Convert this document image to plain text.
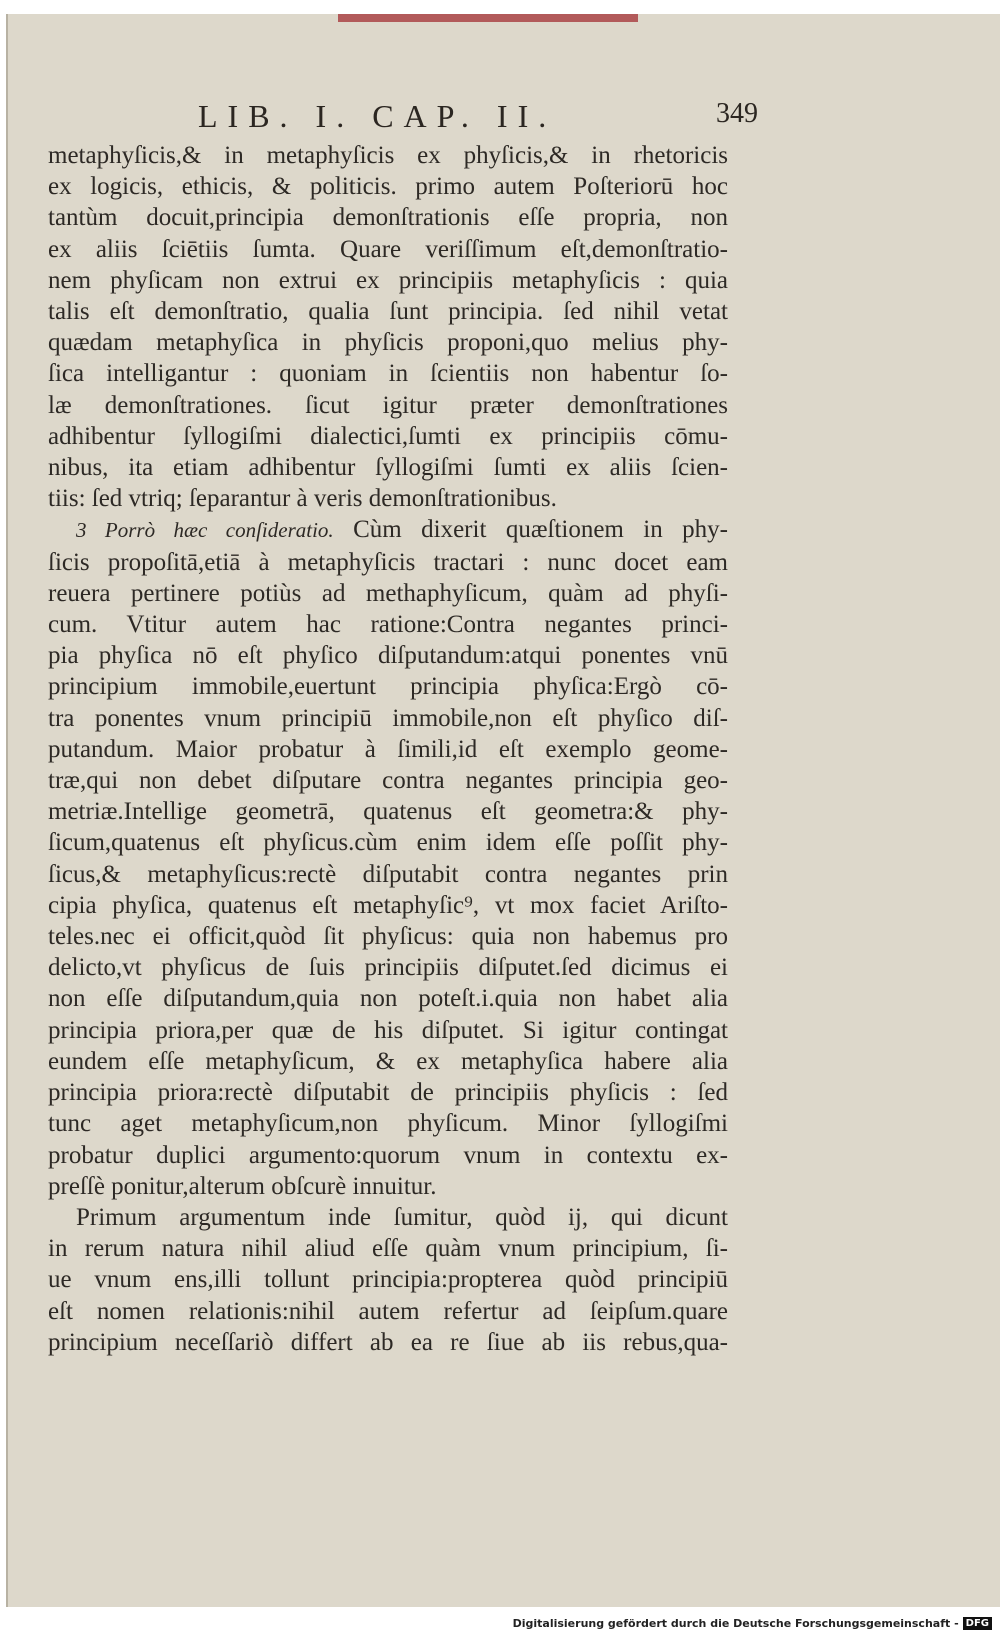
LIB. I. CAP. II.	349

metaphyſicis,& in metaphyſicis ex phyſicis,& in rhetoricis
ex logicis, ethicis, & politicis. primo autem Poſteriorū hoc
tantùm docuit,principia demonſtrationis eſſe propria, non
ex aliis ſciētiis ſumta. Quare veriſſimum eſt,demonſtratio-
nem phyſicam non extrui ex principiis metaphyſicis : quia
talis eſt demonſtratio, qualia ſunt principia. ſed nihil vetat
quædam metaphyſica in phyſicis proponi,quo melius phy-
ſica intelligantur : quoniam in ſcientiis non habentur ſo-
læ demonſtrationes. ſicut igitur præter demonſtrationes
adhibentur ſyllogiſmi dialectici,ſumti ex principiis cōmu-
nibus, ita etiam adhibentur ſyllogiſmi ſumti ex aliis ſcien-
tiis: ſed vtriq; ſeparantur à veris demonſtrationibus.

3 Porrò hæc conſideratio. Cùm dixerit quæſtionem in phy-
ſicis propoſitā,etiā à metaphyſicis tractari : nunc docet eam
reuera pertinere potiùs ad methaphyſicum, quàm ad phyſi-
cum. Vtitur autem hac ratione:Contra negantes princi-
pia phyſica nō eſt phyſico diſputandum:atqui ponentes vnū
principium immobile,euertunt principia phyſica:Ergò cō-
tra ponentes vnum principiū immobile,non eſt phyſico diſ-
putandum. Maior probatur à ſimili,id eſt exemplo geome-
træ,qui non debet diſputare contra negantes principia geo-
metriæ.Intellige geometrā, quatenus eſt geometra:& phy-
ſicum,quatenus eſt phyſicus.cùm enim idem eſſe poſſit phy-
ſicus,& metaphyſicus:rectè diſputabit contra negantes prin
cipia phyſica, quatenus eſt metaphyſic⁹, vt mox faciet Ariſto-
teles.nec ei officit,quòd ſit phyſicus: quia non habemus pro
delicto,vt phyſicus de ſuis principiis diſputet.ſed dicimus ei
non eſſe diſputandum,quia non poteſt.i.quia non habet alia
principia priora,per quæ de his diſputet. Si igitur contingat
eundem eſſe metaphyſicum, & ex metaphyſica habere alia
principia priora:rectè diſputabit de principiis phyſicis : ſed
tunc aget metaphyſicum,non phyſicum. Minor ſyllogiſmi
probatur duplici argumento:quorum vnum in contextu ex-
preſſè ponitur,alterum obſcurè innuitur.

Primum argumentum inde ſumitur, quòd ij, qui dicunt
in rerum natura nihil aliud eſſe quàm vnum principium, ſi-
ue vnum ens,illi tollunt principia:propterea quòd principiū
eſt nomen relationis:nihil autem refertur ad ſeipſum.quare
principium neceſſariò differt ab ea re ſiue ab iis rebus,qua-

Digitalisierung gefördert durch die Deutsche Forschungsgemeinschaft - DFG
